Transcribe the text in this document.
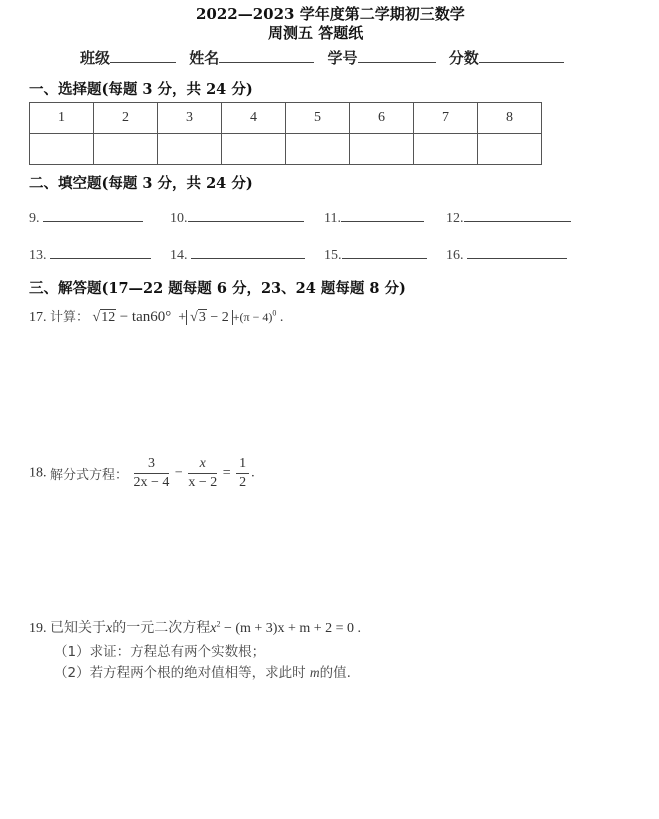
2022—2023 学年度第二学期初三数学
周测五 答题纸
班级	姓名	学号	分数
一、选择题(每题 3 分，共 24 分)
1	2	3	4	5	6	7	8

二、填空题(每题 3 分，共 24 分)
9.	10.	11.	12.
13.	14.	15.	16.
三、解答题(17—22 题每题 6 分，23、24 题每题 8 分)
17. 计算： $√12 - \tan 60^\circ + √3 - 2 +(\pi - 4)^0$ .
18. 解分式方程： $\frac{3}{2x - 4} - \frac{x}{x - 2} = \frac{1}{2}$ .
19. 已知关于x的一元二次方程$x^2 - (m + 3)x + m + 2 = 0$ .
（1）求证：方程总有两个实数根；
（2）若方程两个根的绝对值相等，求此时 m的值.
